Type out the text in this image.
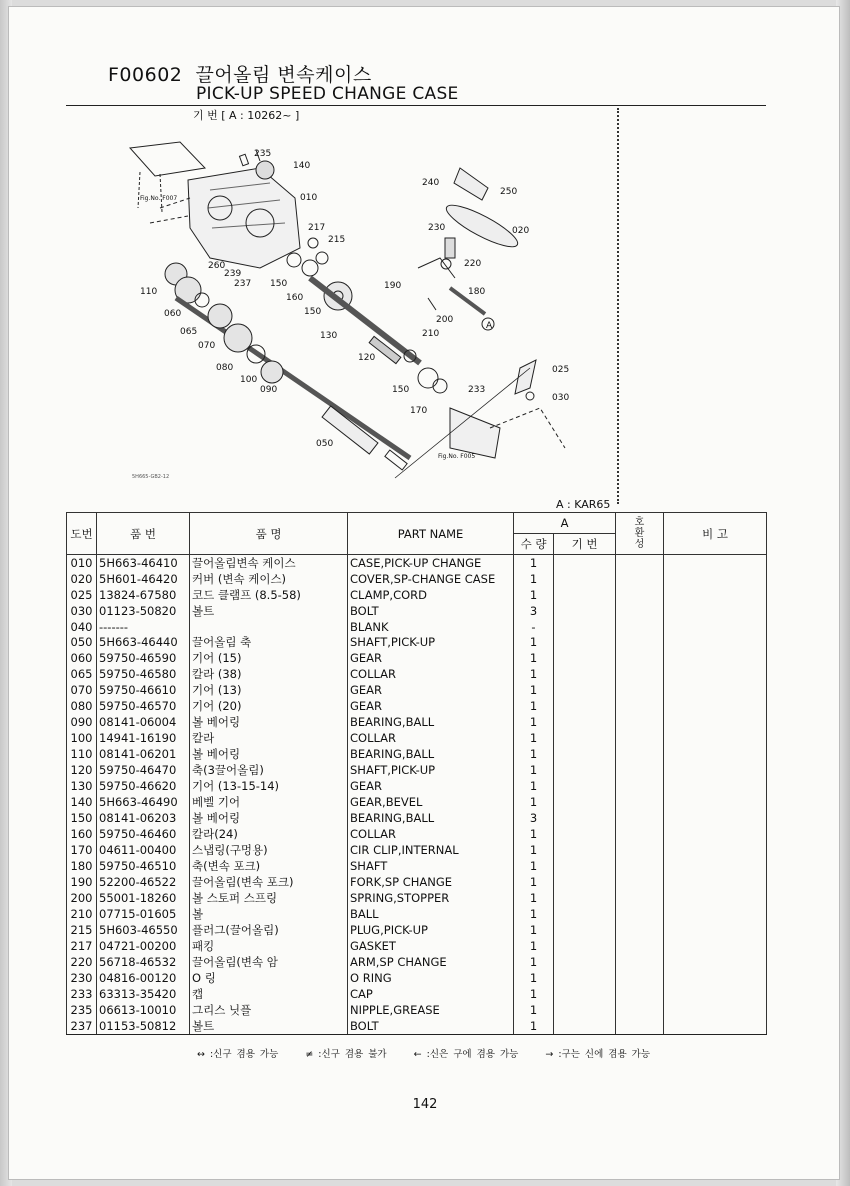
F00602 끌어올림 변속케이스
PICK-UP SPEED CHANGE CASE
기 번 [ A : 10262~ ]
235
140
010
217
215
260
239
237 150
160
150
110
060
065
070
080
100
090
130
120
050
240
250
020
230
220
190
180
200
210
A
150	233
170
025
030
Fig.No. F007
Fig.No. F005
5H665-GB2-12
A : KAR65
도번	품 번	품 명	PART NAME	A		호
환
성	비 고
				수 량	기 번		
010	5H663-46410	끌어올림변속 케이스	CASE,PICK-UP CHANGE	1			
020	5H601-46420	커버 (변속 케이스)	COVER,SP-CHANGE CASE	1			
025	13824-67580	코드 클램프 (8.5-58)	CLAMP,CORD	1			
030	01123-50820	볼트	BOLT	3			
040	-------		BLANK	-			
050	5H663-46440	끌어올림 축	SHAFT,PICK-UP	1			
060	59750-46590	기어 (15)	GEAR	1			
065	59750-46580	칼라 (38)	COLLAR	1			
070	59750-46610	기어 (13)	GEAR	1			
080	59750-46570	기어 (20)	GEAR	1			
090	08141-06004	볼 베어링	BEARING,BALL	1			
100	14941-16190	칼라	COLLAR	1			
110	08141-06201	볼 베어링	BEARING,BALL	1			
120	59750-46470	축(3끌어올림)	SHAFT,PICK-UP	1			
130	59750-46620	기어 (13-15-14)	GEAR	1			
140	5H663-46490	베벨 기어	GEAR,BEVEL	1			
150	08141-06203	볼 베어링	BEARING,BALL	3			
160	59750-46460	칼라(24)	COLLAR	1			
170	04611-00400	스냅링(구멍용)	CIR CLIP,INTERNAL	1			
180	59750-46510	축(변속 포크)	SHAFT	1			
190	52200-46522	끌어올림(변속 포크)	FORK,SP CHANGE	1			
200	55001-18260	볼 스토퍼 스프링	SPRING,STOPPER	1			
210	07715-01605	볼	BALL	1			
215	5H603-46550	플러그(끌어올림)	PLUG,PICK-UP	1			
217	04721-00200	패킹	GASKET	1			
220	56718-46532	끌어올림(변속 암	ARM,SP CHANGE	1			
230	04816-00120	O 링	O RING	1			
233	63313-35420	캡	CAP	1			
235	06613-10010	그리스 닛플	NIPPLE,GREASE	1			
237	01153-50812	볼트	BOLT	1			
↔ :신구 겸용 가능	≠ :신구 겸용 불가	← :신은 구에 겸용 가능	→ :구는 신에 겸용 가능
142
